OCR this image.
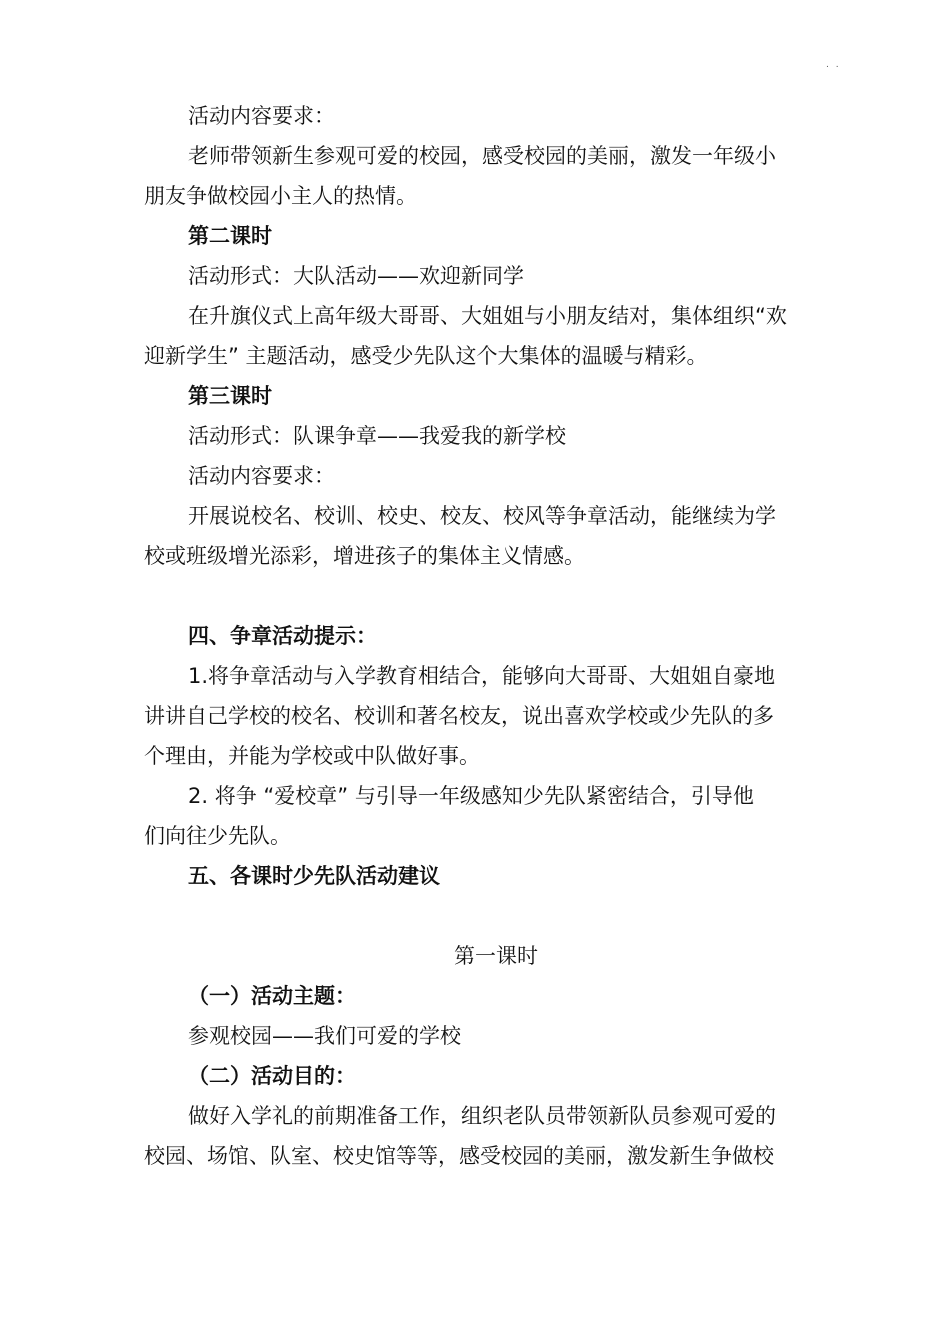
. .
活动内容要求：
老师带领新生参观可爱的校园，感受校园的美丽，激发一年级小
朋友争做校园小主人的热情。
第二课时
活动形式：大队活动——欢迎新同学
在升旗仪式上高年级大哥哥、大姐姐与小朋友结对，集体组织“欢
迎新学生” 主题活动，感受少先队这个大集体的温暖与精彩。
第三课时
活动形式：队课争章——我爱我的新学校
活动内容要求：
开展说校名、校训、校史、校友、校风等争章活动，能继续为学
校或班级增光添彩，增进孩子的集体主义情感。
四、争章活动提示：
1.将争章活动与入学教育相结合，能够向大哥哥、大姐姐自豪地
讲讲自己学校的校名、校训和著名校友，说出喜欢学校或少先队的多
个理由，并能为学校或中队做好事。
2. 将争 “爱校章” 与引导一年级感知少先队紧密结合，引导他
们向往少先队。
五、各课时少先队活动建议
第一课时
（一）活动主题：
参观校园——我们可爱的学校
（二）活动目的：
做好入学礼的前期准备工作，组织老队员带领新队员参观可爱的
校园、场馆、队室、校史馆等等，感受校园的美丽，激发新生争做校
